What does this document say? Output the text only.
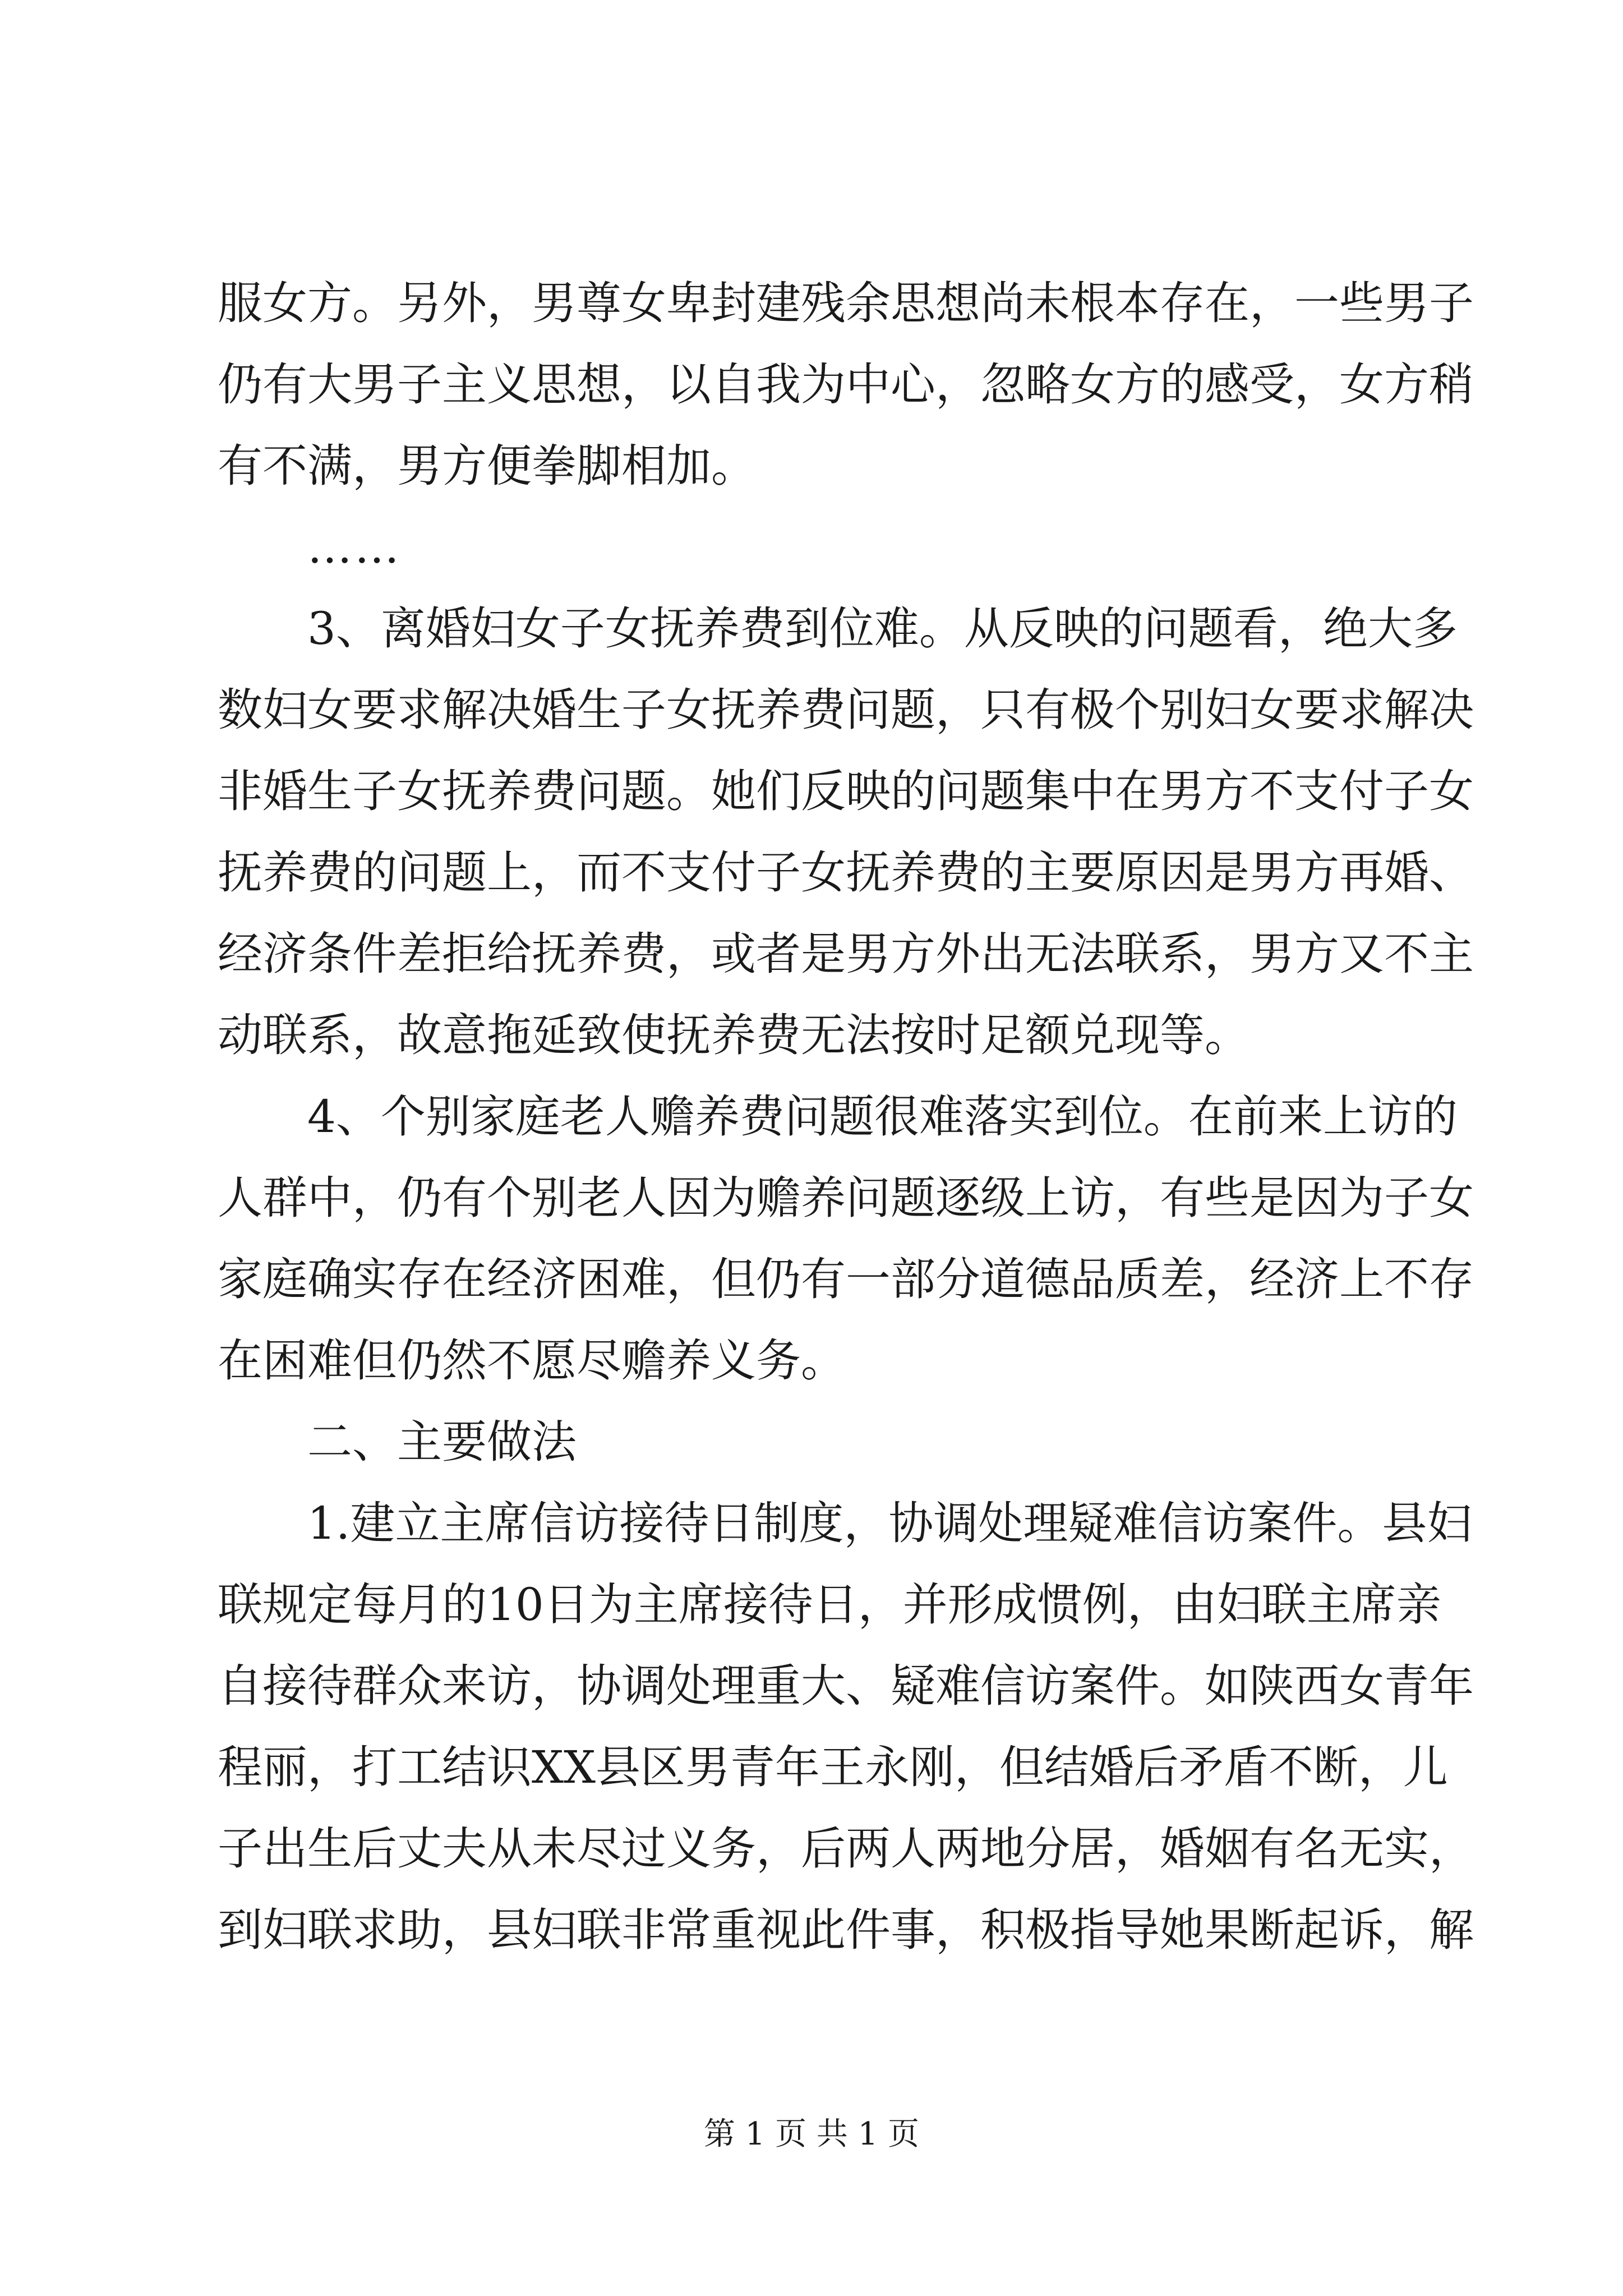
服女方。另外，男尊女卑封建残余思想尚未根本存在，一些男子
仍有大男子主义思想，以自我为中心，忽略女方的感受，女方稍
有不满，男方便拳脚相加。
……
3、离婚妇女子女抚养费到位难。从反映的问题看，绝大多
数妇女要求解决婚生子女抚养费问题，只有极个别妇女要求解决
非婚生子女抚养费问题。她们反映的问题集中在男方不支付子女
抚养费的问题上，而不支付子女抚养费的主要原因是男方再婚、
经济条件差拒给抚养费，或者是男方外出无法联系，男方又不主
动联系，故意拖延致使抚养费无法按时足额兑现等。
4、个别家庭老人赡养费问题很难落实到位。在前来上访的
人群中，仍有个别老人因为赡养问题逐级上访，有些是因为子女
家庭确实存在经济困难，但仍有一部分道德品质差，经济上不存
在困难但仍然不愿尽赡养义务。
二、主要做法
1.建立主席信访接待日制度，协调处理疑难信访案件。县妇
联规定每月的10日为主席接待日，并形成惯例，由妇联主席亲
自接待群众来访，协调处理重大、疑难信访案件。如陕西女青年
程丽，打工结识XX县区男青年王永刚，但结婚后矛盾不断，儿
子出生后丈夫从未尽过义务，后两人两地分居，婚姻有名无实，
到妇联求助，县妇联非常重视此件事，积极指导她果断起诉，解
第 1 页 共 1 页
